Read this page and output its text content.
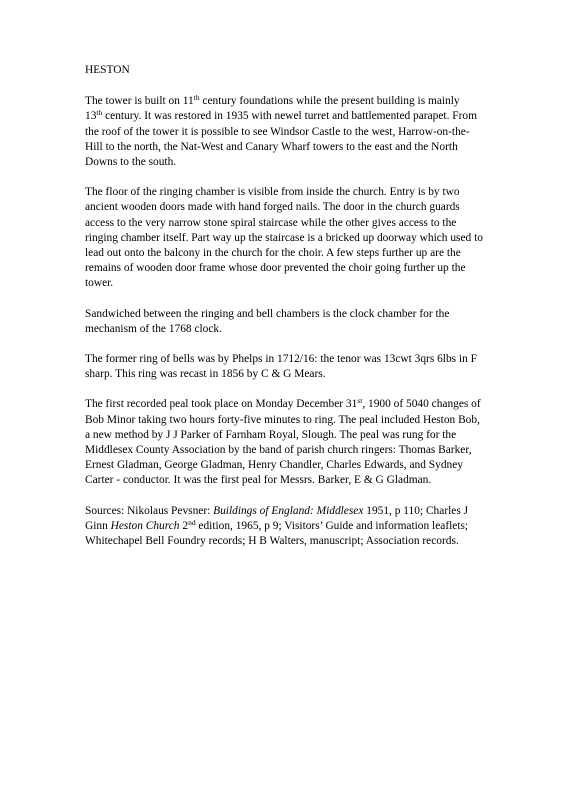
HESTON
The tower is built on 11th century foundations while the present building is mainly
13th century. It was restored in 1935 with newel turret and battlemented parapet. From the roof of the tower it is possible to see Windsor Castle to the west, Harrow-on-the-Hill to the north, the Nat-West and Canary Wharf towers to the east and the North Downs to the south.
The floor of the ringing chamber is visible from inside the church. Entry is by two ancient wooden doors made with hand forged nails. The door in the church guards access to the very narrow stone spiral staircase while the other gives access to the ringing chamber itself. Part way up the staircase is a bricked up doorway which used to lead out onto the balcony in the church for the choir. A few steps further up are the remains of wooden door frame whose door prevented the choir going further up the tower.
Sandwiched between the ringing and bell chambers is the clock chamber for the mechanism of the 1768 clock.
The former ring of bells was by Phelps in 1712/16: the tenor was 13cwt 3qrs 6lbs in F sharp. This ring was recast in 1856 by C & G Mears.
The first recorded peal took place on Monday December 31st, 1900 of 5040 changes of Bob Minor taking two hours forty-five minutes to ring. The peal included Heston Bob, a new method by J J Parker of Farnham Royal, Slough. The peal was rung for the Middlesex County Association by the band of parish church ringers: Thomas Barker, Ernest Gladman, George Gladman, Henry Chandler, Charles Edwards, and Sydney Carter - conductor. It was the first peal for Messrs. Barker, E & G Gladman.
Sources: Nikolaus Pevsner: Buildings of England: Middlesex 1951, p 110; Charles J Ginn Heston Church 2nd edition, 1965, p 9; Visitors’ Guide and information leaflets; Whitechapel Bell Foundry records; H B Walters, manuscript; Association records.
